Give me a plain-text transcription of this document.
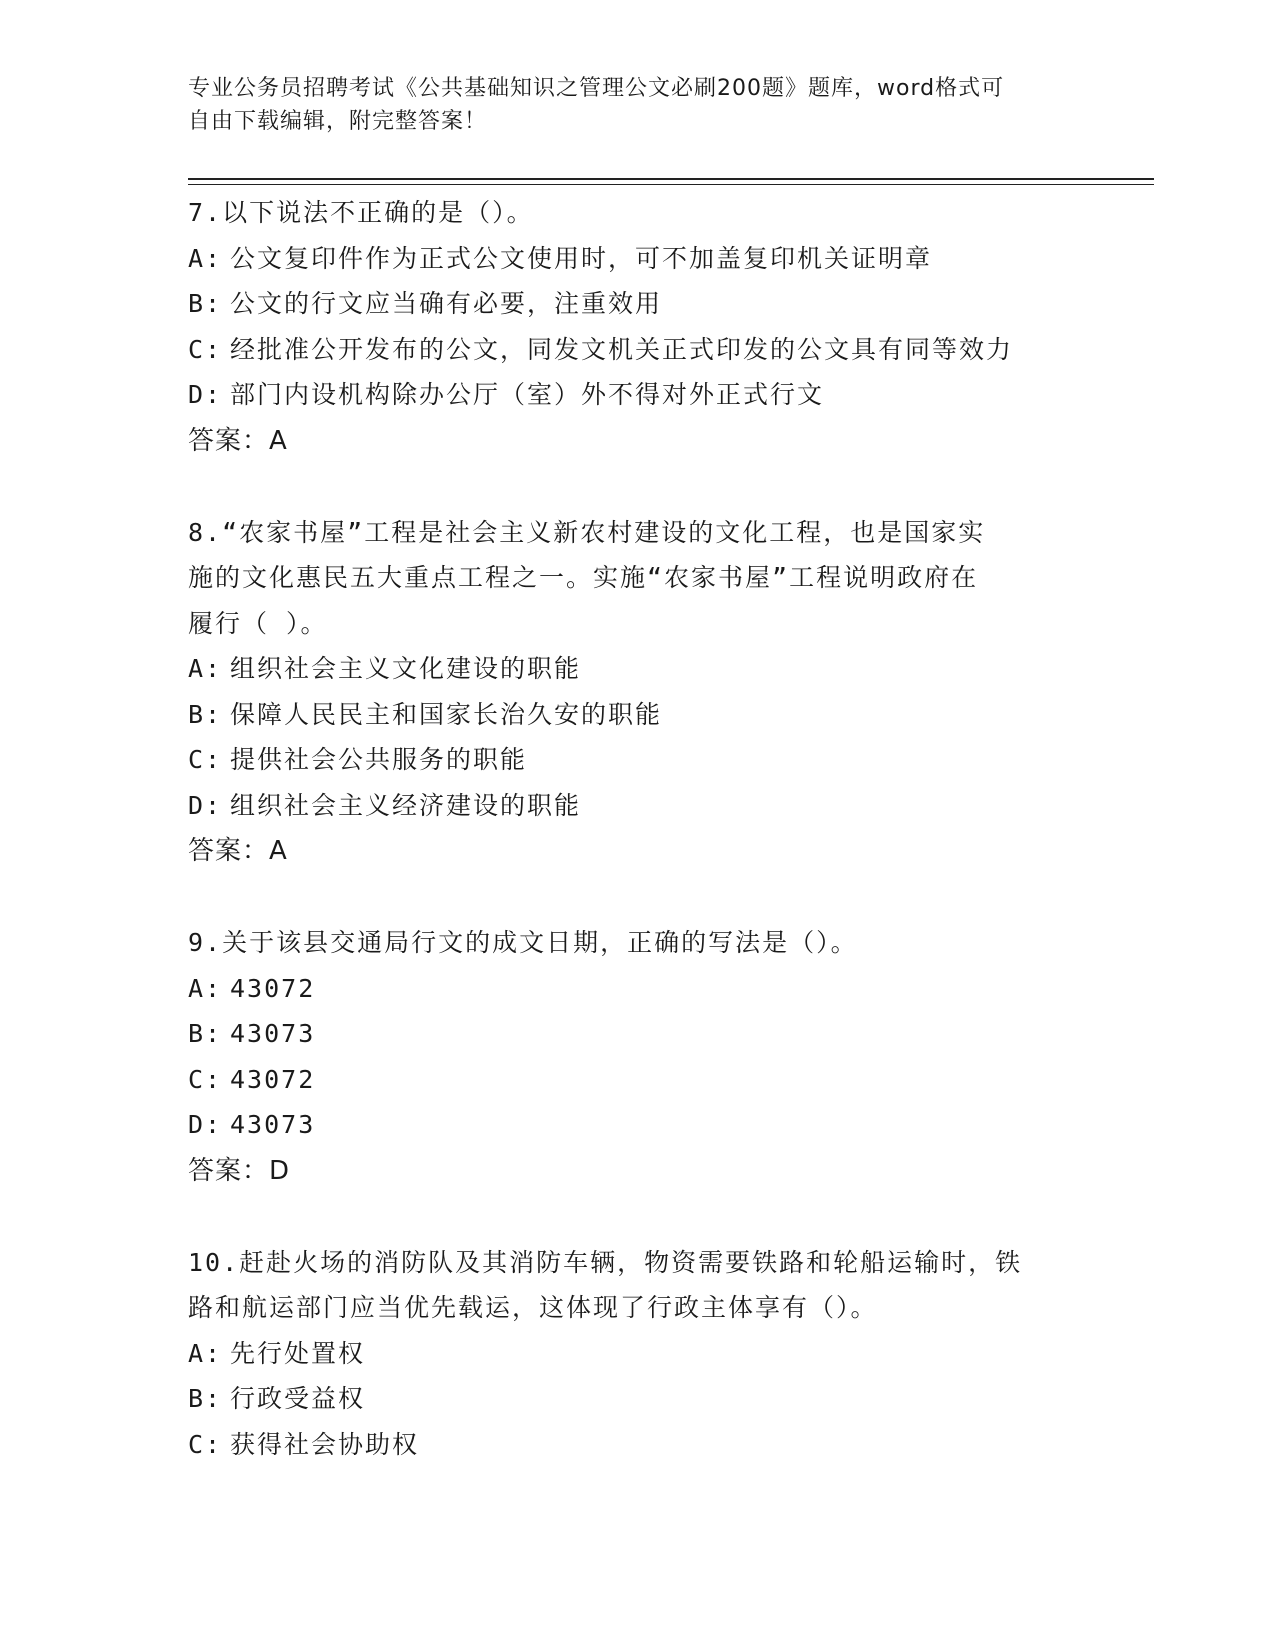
专业公务员招聘考试《公共基础知识之管理公文必刷200题》题库，word格式可
自由下载编辑，附完整答案！
7.以下说法不正确的是（）。
A: 公文复印件作为正式公文使用时，可不加盖复印机关证明章
B: 公文的行文应当确有必要，注重效用
C: 经批准公开发布的公文，同发文机关正式印发的公文具有同等效力
D: 部门内设机构除办公厅（室）外不得对外正式行文
答案：A
8.“农家书屋”工程是社会主义新农村建设的文化工程，也是国家实
施的文化惠民五大重点工程之一。实施“农家书屋”工程说明政府在
履行（ ）。
A: 组织社会主义文化建设的职能
B: 保障人民民主和国家长治久安的职能
C: 提供社会公共服务的职能
D: 组织社会主义经济建设的职能
答案：A
9.关于该县交通局行文的成文日期，正确的写法是（）。
A: 43072
B: 43073
C: 43072
D: 43073
答案：D
10.赶赴火场的消防队及其消防车辆，物资需要铁路和轮船运输时，铁
路和航运部门应当优先载运，这体现了行政主体享有（）。
A: 先行处置权
B: 行政受益权
C: 获得社会协助权
